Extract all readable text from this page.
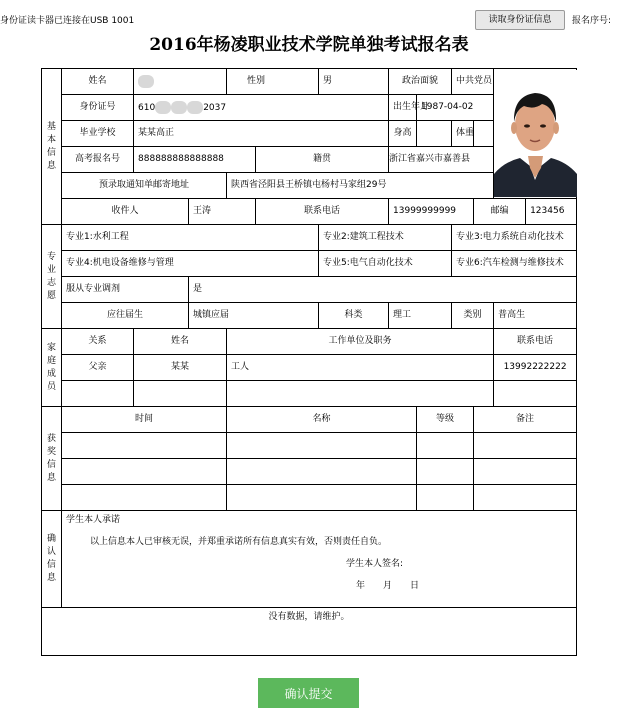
身份证读卡器已连接在USB 1001	读取身份证信息	报名序号:
2016年杨凌职业技术学院单独考试报名表
基本信息	姓名			性别		男	政治面貌		中共党员	

	身份证号	610 2037					出生年月	1987-04-02				
	毕业学校	某某高正					身高		体重			
	高考报名号	888888888888888			籍贯		浙江省嘉兴市嘉善县					
	预录取通知单邮寄地址			陕西省泾阳县王桥镇屯杨村马家组29号								
	收件人		王涛		联系电话		13999999999			邮编		123456
专业志愿	专业1:水利工程					专业2:建筑工程技术			专业3:电力系统自动化技术			
	专业4:机电设备维修与管理					专业5:电气自动化技术			专业6:汽车检测与维修技术			
	服从专业调剂		是									
	应往届生		城镇应届			科类	理工		类别		普高生	
家庭成员	关系	姓名		工作单位及职务							联系电话	
	父亲	某某		工人							13992222222	

获奖信息	时间			名称				等级		备注		

确认信息	学生本人承诺
以上信息本人已审核无误，并郑重承诺所有信息真实有效，否则责任自负。
学生本人签名:
年　　月　　日											

没有数据，请维护。												
确认提交
